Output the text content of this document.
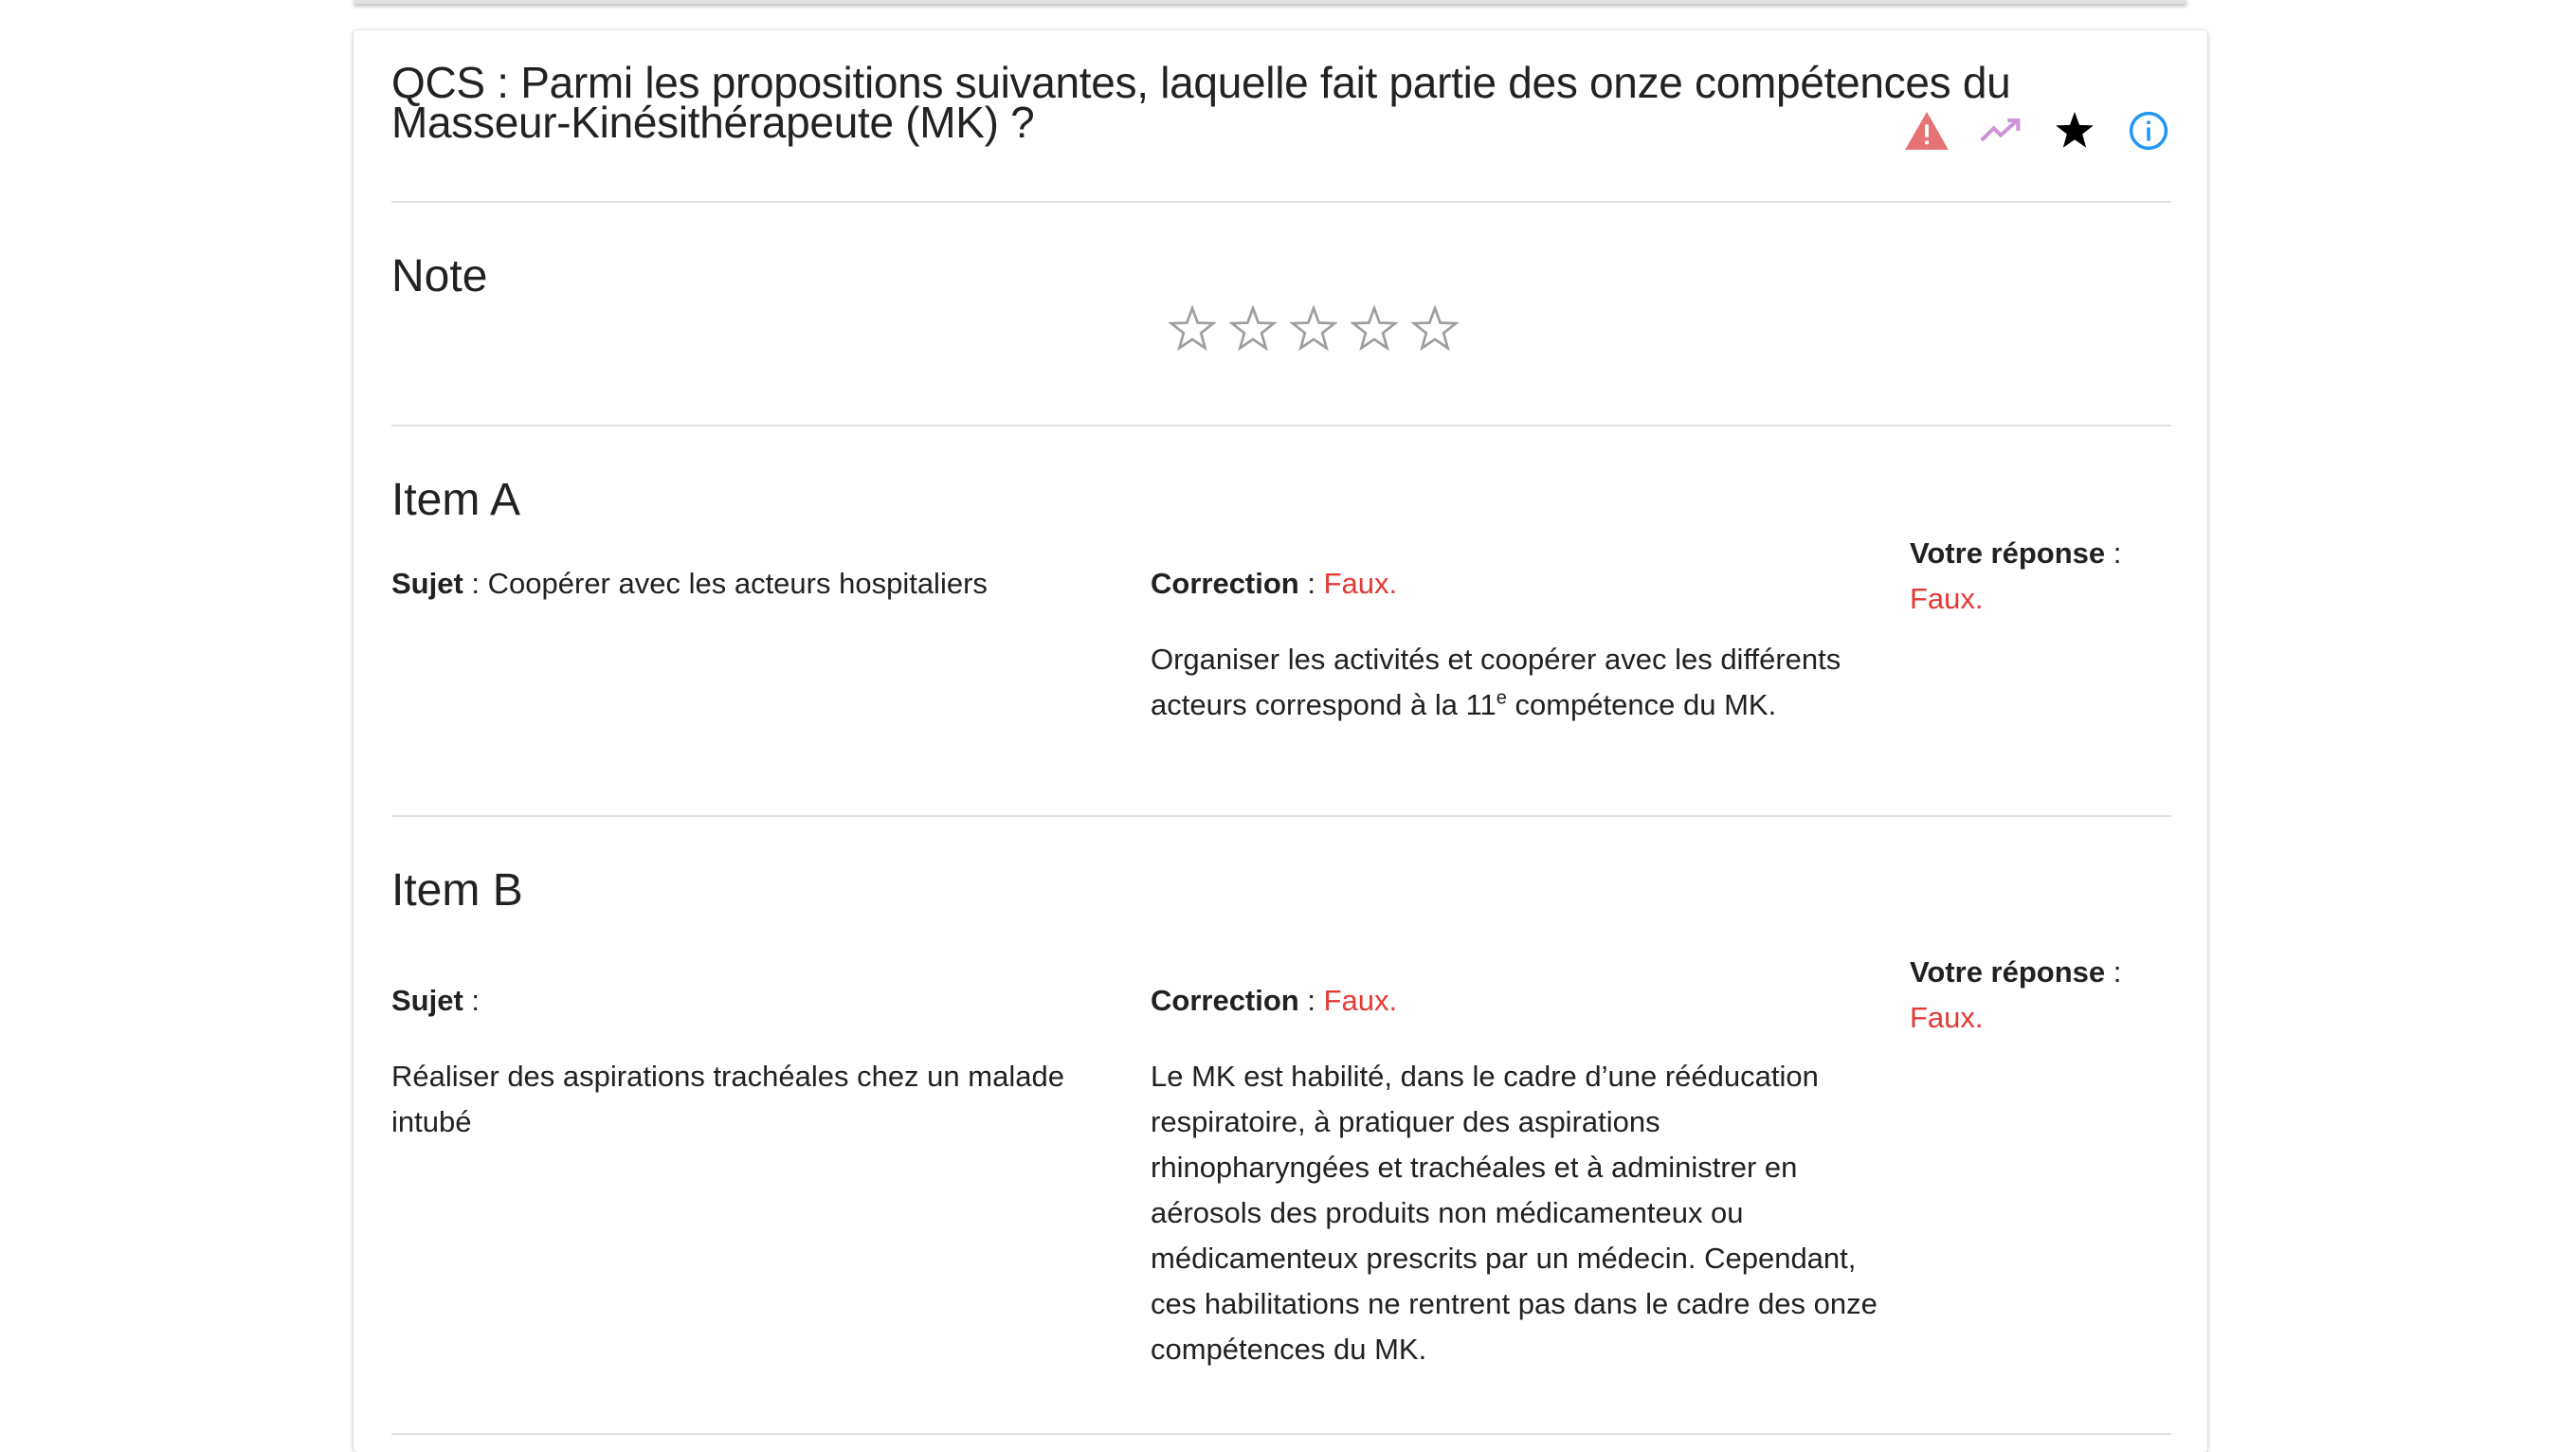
QCS : Parmi les propositions suivantes, laquelle fait partie des onze compétences du Masseur-Kinésithérapeute (MK) ?
Note
Item A
Sujet : Coopérer avec les acteurs hospitaliers	Correction : Faux.
Organiser les activités et coopérer avec les différents acteurs correspond à la 11e compétence du MK.
Votre réponse :
Faux.
Item B
Sujet :
Réaliser des aspirations trachéales chez un malade intubé
Correction : Faux.
Le MK est habilité, dans le cadre d’une rééducation respiratoire, à pratiquer des aspirations rhinopharyngées et trachéales et à administrer en aérosols des produits non médicamenteux ou médicamenteux prescrits par un médecin. Cependant, ces habilitations ne rentrent pas dans le cadre des onze compétences du MK.
Votre réponse :
Faux.
